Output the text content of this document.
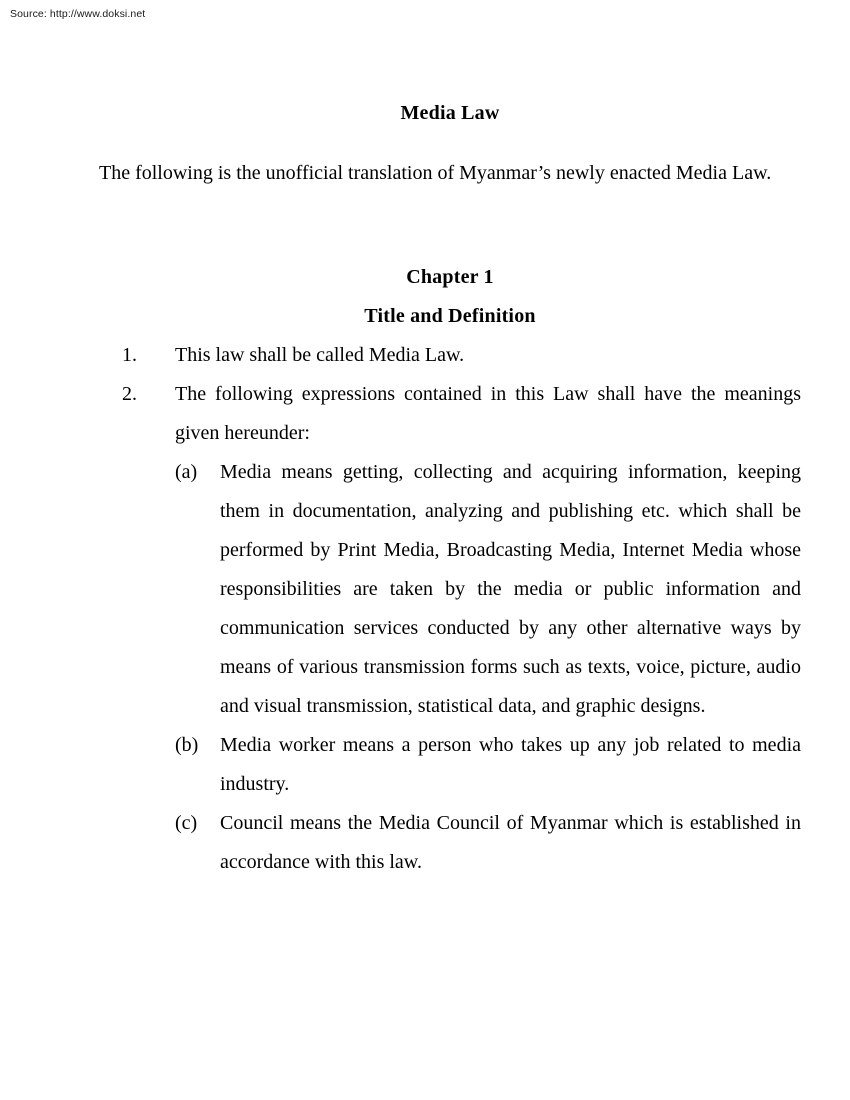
Source: http://www.doksi.net
Media Law
The following is the unofficial translation of Myanmar’s newly enacted Media Law.
Chapter 1
Title and Definition
1.	This law shall be called Media Law.
2.	The following expressions contained in this Law shall have the meanings given hereunder:
(a)	Media means getting, collecting and acquiring information, keeping them in documentation, analyzing and publishing etc. which shall be performed by Print Media, Broadcasting Media, Internet Media whose responsibilities are taken by the media or public information and communication services conducted by any other alternative ways by means of various transmission forms such as texts, voice, picture, audio and visual transmission, statistical data, and graphic designs.
(b)	Media worker means a person who takes up any job related to media industry.
(c)	Council means the Media Council of Myanmar which is established in accordance with this law.
